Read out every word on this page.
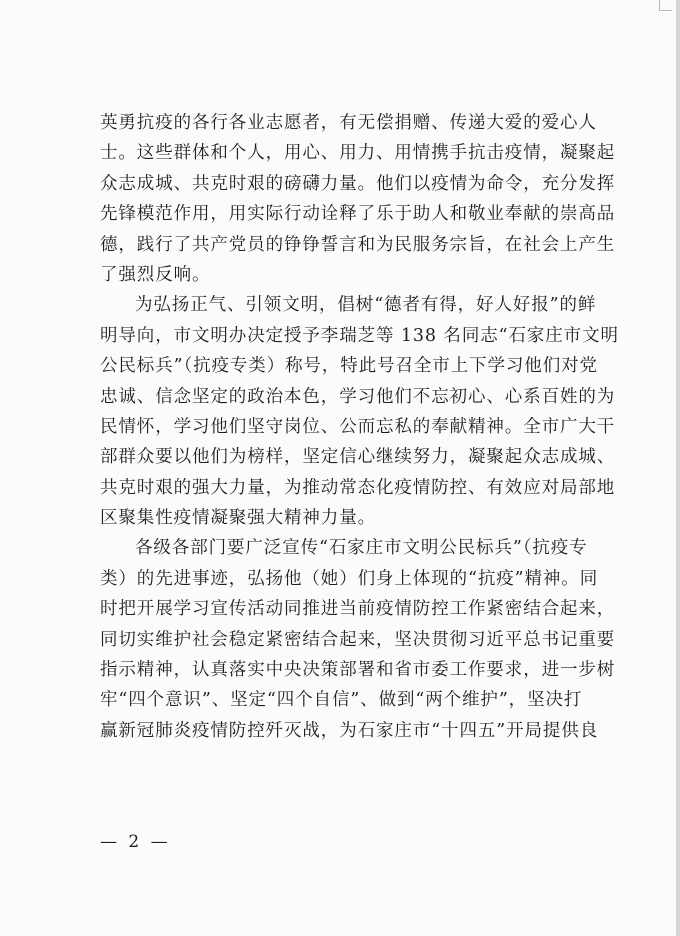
英勇抗疫的各行各业志愿者，有无偿捐赠、传递大爱的爱心人
士。这些群体和个人，用心、用力、用情携手抗击疫情，凝聚起
众志成城、共克时艰的磅礴力量。他们以疫情为命令，充分发挥
先锋模范作用，用实际行动诠释了乐于助人和敬业奉献的崇高品
德，践行了共产党员的铮铮誓言和为民服务宗旨，在社会上产生
了强烈反响。
为弘扬正气、引领文明，倡树“德者有得，好人好报”的鲜
明导向，市文明办决定授予李瑞芝等 138 名同志“石家庄市文明
公民标兵”（抗疫专类）称号，特此号召全市上下学习他们对党
忠诚、信念坚定的政治本色，学习他们不忘初心、心系百姓的为
民情怀，学习他们坚守岗位、公而忘私的奉献精神。全市广大干
部群众要以他们为榜样，坚定信心继续努力，凝聚起众志成城、
共克时艰的强大力量，为推动常态化疫情防控、有效应对局部地
区聚集性疫情凝聚强大精神力量。
各级各部门要广泛宣传“石家庄市文明公民标兵”（抗疫专
类）的先进事迹，弘扬他（她）们身上体现的“抗疫”精神。同
时把开展学习宣传活动同推进当前疫情防控工作紧密结合起来，
同切实维护社会稳定紧密结合起来，坚决贯彻习近平总书记重要
指示精神，认真落实中央决策部署和省市委工作要求，进一步树
牢“四个意识”、坚定“四个自信”、做到“两个维护”，坚决打
赢新冠肺炎疫情防控歼灭战，为石家庄市“十四五”开局提供良
— 2 —
